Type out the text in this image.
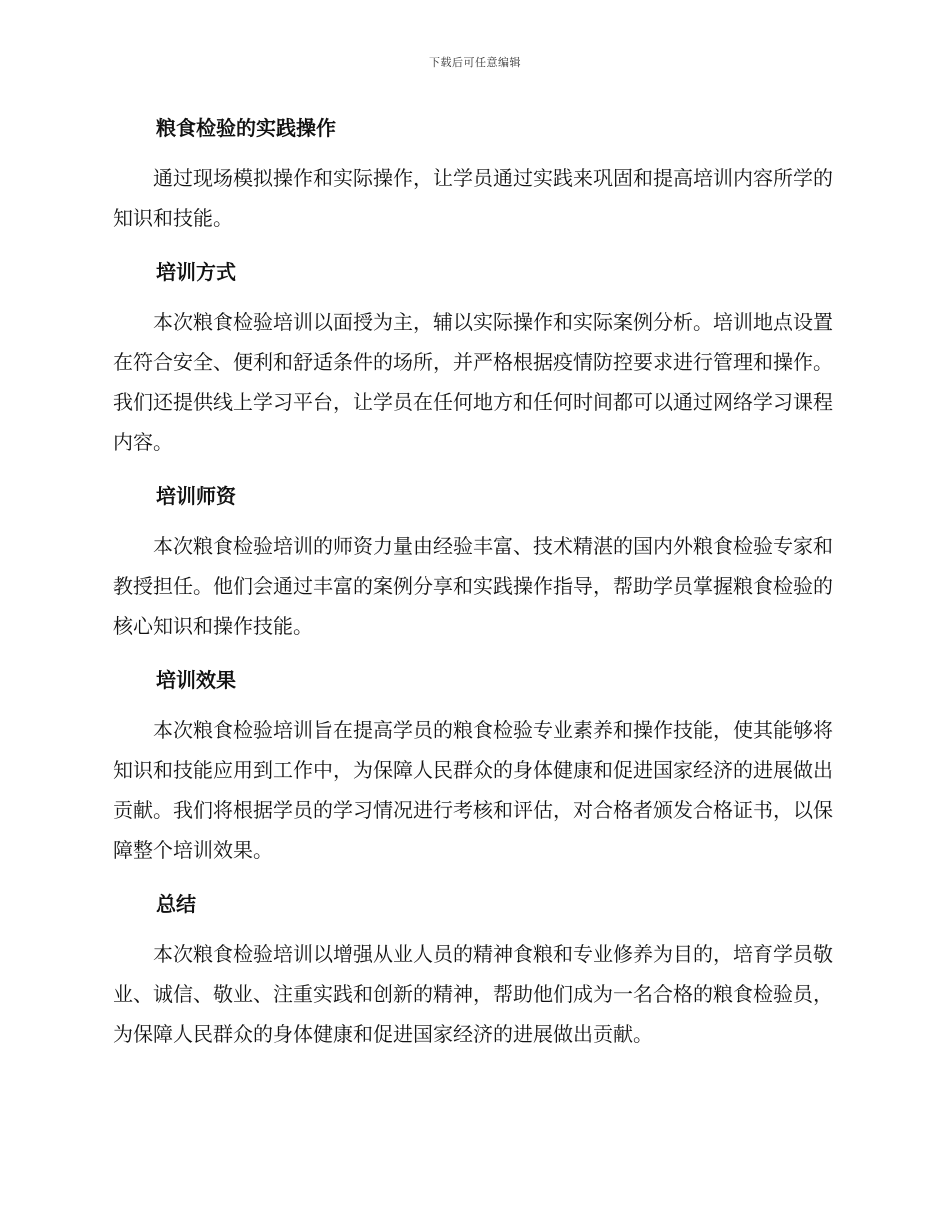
下载后可任意编辑
粮食检验的实践操作

通过现场模拟操作和实际操作，让学员通过实践来巩固和提高培训内容所学的知识和技能。

培训方式

本次粮食检验培训以面授为主，辅以实际操作和实际案例分析。培训地点设置在符合安全、便利和舒适条件的场所，并严格根据疫情防控要求进行管理和操作。我们还提供线上学习平台，让学员在任何地方和任何时间都可以通过网络学习课程内容。

培训师资

本次粮食检验培训的师资力量由经验丰富、技术精湛的国内外粮食检验专家和教授担任。他们会通过丰富的案例分享和实践操作指导，帮助学员掌握粮食检验的核心知识和操作技能。

培训效果

本次粮食检验培训旨在提高学员的粮食检验专业素养和操作技能，使其能够将知识和技能应用到工作中，为保障人民群众的身体健康和促进国家经济的进展做出贡献。我们将根据学员的学习情况进行考核和评估，对合格者颁发合格证书，以保障整个培训效果。

总结

本次粮食检验培训以增强从业人员的精神食粮和专业修养为目的，培育学员敬业、诚信、敬业、注重实践和创新的精神，帮助他们成为一名合格的粮食检验员，为保障人民群众的身体健康和促进国家经济的进展做出贡献。
